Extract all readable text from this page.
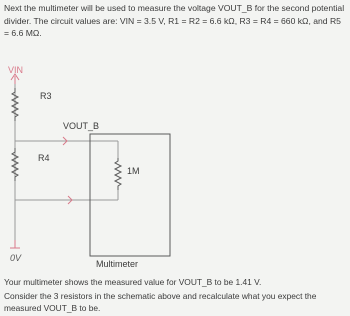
Next the multimeter will be used to measure the voltage VOUT_B for the second potential divider. The circuit values are: VIN = 3.5 V, R1 = R2 = 6.6 kΩ, R3 = R4 = 660 kΩ, and R5 = 6.6 MΩ.

VIN
R3
VOUT_B
R4
0V
1M
Multimeter

Your multimeter shows the measured value for VOUT_B to be 1.41 V.

Consider the 3 resistors in the schematic above and recalculate what you expect the measured VOUT_B to be.
